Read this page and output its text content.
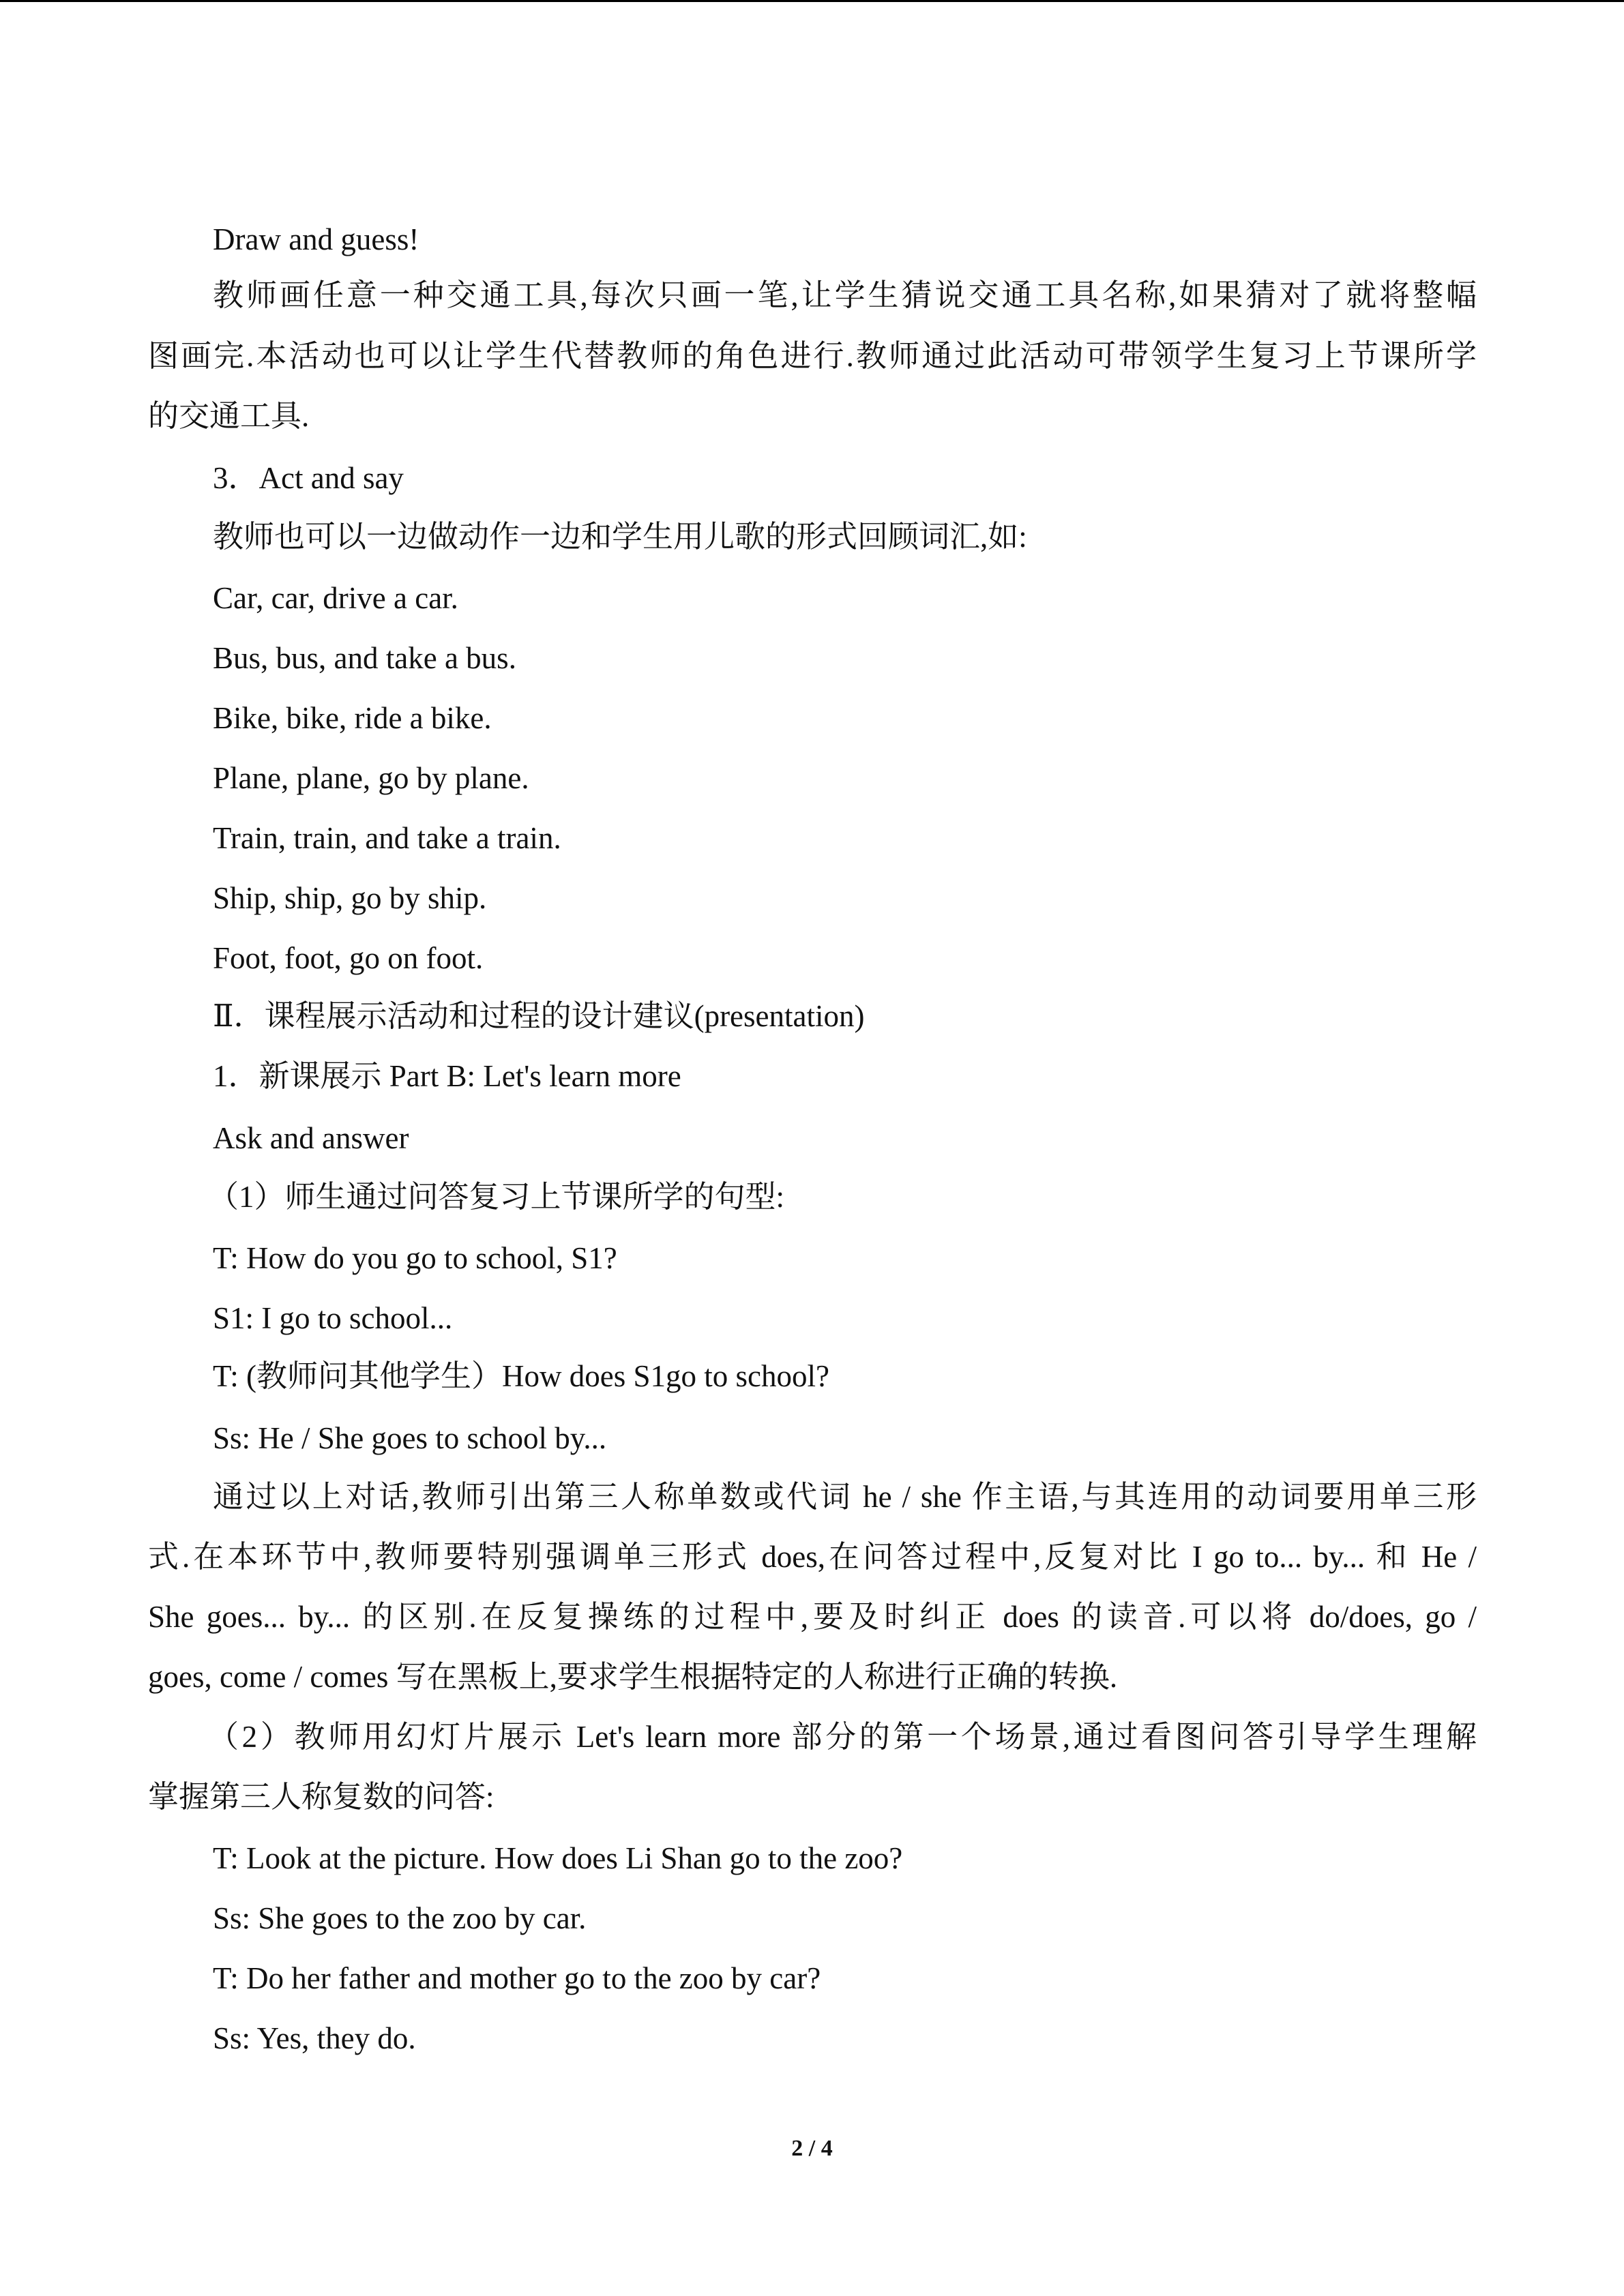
Draw and guess!
教师画任意一种交通工具,每次只画一笔,让学生猜说交通工具名称,如果猜对了就将整幅
图画完.本活动也可以让学生代替教师的角色进行.教师通过此活动可带领学生复习上节课所学
的交通工具.
3．Act and say
教师也可以一边做动作一边和学生用儿歌的形式回顾词汇,如:
Car, car, drive a car.
Bus, bus, and take a bus.
Bike, bike, ride a bike.
Plane, plane, go by plane.
Train, train, and take a train.
Ship, ship, go by ship.
Foot, foot, go on foot.
Ⅱ．课程展示活动和过程的设计建议(presentation)
1．新课展示 Part B: Let's learn more
Ask and answer
（1）师生通过问答复习上节课所学的句型:
T: How do you go to school, S1?
S1: I go to school...
T: (教师问其他学生）How does S1go to school?
Ss: He / She goes to school by...
通过以上对话,教师引出第三人称单数或代词 he / she 作主语,与其连用的动词要用单三形
式.在本环节中,教师要特别强调单三形式 does,在问答过程中,反复对比 I go to... by... 和 He /
She goes... by... 的区别.在反复操练的过程中,要及时纠正 does 的读音.可以将 do/does, go /
goes, come / comes 写在黑板上,要求学生根据特定的人称进行正确的转换.
（2）教师用幻灯片展示 Let's learn more 部分的第一个场景,通过看图问答引导学生理解
掌握第三人称复数的问答:
T: Look at the picture. How does Li Shan go to the zoo?
Ss: She goes to the zoo by car.
T: Do her father and mother go to the zoo by car?
Ss: Yes, they do.
2 / 4
